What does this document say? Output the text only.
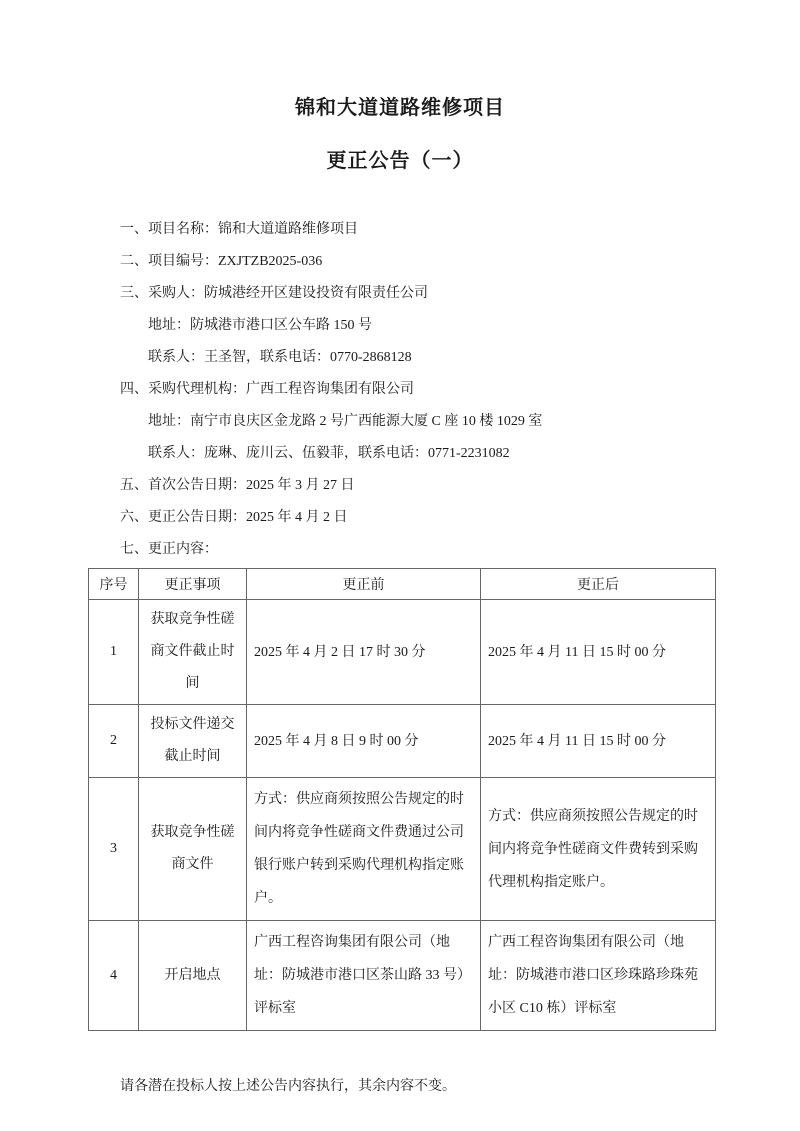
锦和大道道路维修项目
更正公告（一）
一、项目名称：锦和大道道路维修项目
二、项目编号：ZXJTZB2025-036
三、采购人：防城港经开区建设投资有限责任公司
地址：防城港市港口区公车路 150 号
联系人：王圣智，联系电话：0770-2868128
四、采购代理机构：广西工程咨询集团有限公司
地址：南宁市良庆区金龙路 2 号广西能源大厦 C 座 10 楼 1029 室
联系人：庞琳、庞川云、伍毅菲，联系电话：0771-2231082
五、首次公告日期：2025 年 3 月 27 日
六、更正公告日期：2025 年 4 月 2 日
七、更正内容：
序号	更正事项	更正前	更正后
1	获取竞争性磋商文件截止时间	2025 年 4 月 2 日 17 时 30 分	2025 年 4 月 11 日 15 时 00 分
2	投标文件递交截止时间	2025 年 4 月 8 日 9 时 00 分	2025 年 4 月 11 日 15 时 00 分
3	获取竞争性磋商文件	方式：供应商须按照公告规定的时间内将竞争性磋商文件费通过公司银行账户转到采购代理机构指定账户。	方式：供应商须按照公告规定的时间内将竞争性磋商文件费转到采购代理机构指定账户。
4	开启地点	广西工程咨询集团有限公司（地址：防城港市港口区茶山路 33 号）评标室	广西工程咨询集团有限公司（地址：防城港市港口区珍珠路珍珠苑小区 C10 栋）评标室
请各潜在投标人按上述公告内容执行，其余内容不变。
